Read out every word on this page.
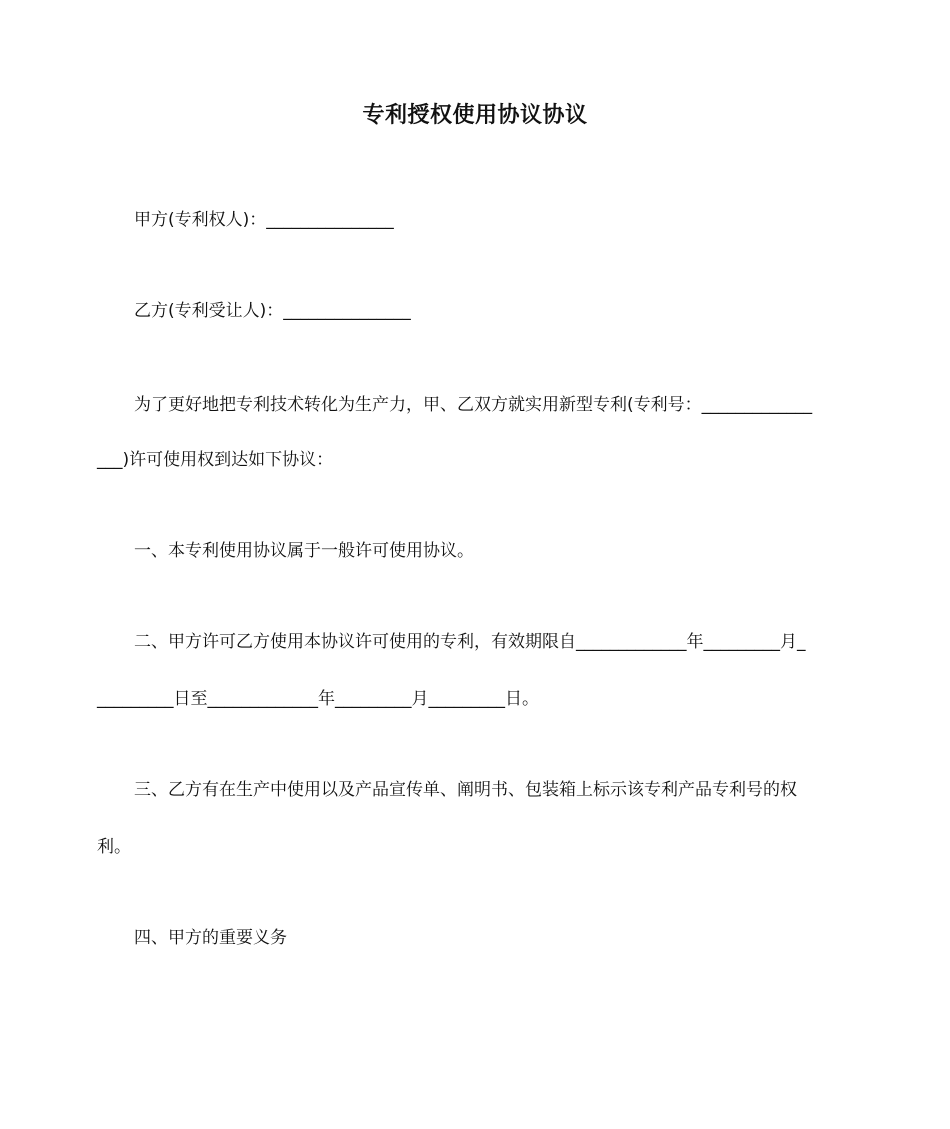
专利授权使用协议协议
甲方(专利权人)：_______________
乙方(专利受让人)：_______________
为了更好地把专利技术转化为生产力，甲、乙双方就实用新型专利(专利号：_____________
___)许可使用权到达如下协议：
一、本专利使用协议属于一般许可使用协议。
二、甲方许可乙方使用本协议许可使用的专利，有效期限自_____________年_________月_
_________日至_____________年_________月_________日。
三、乙方有在生产中使用以及产品宣传单、阐明书、包装箱上标示该专利产品专利号的权
利。
四、甲方的重要义务
